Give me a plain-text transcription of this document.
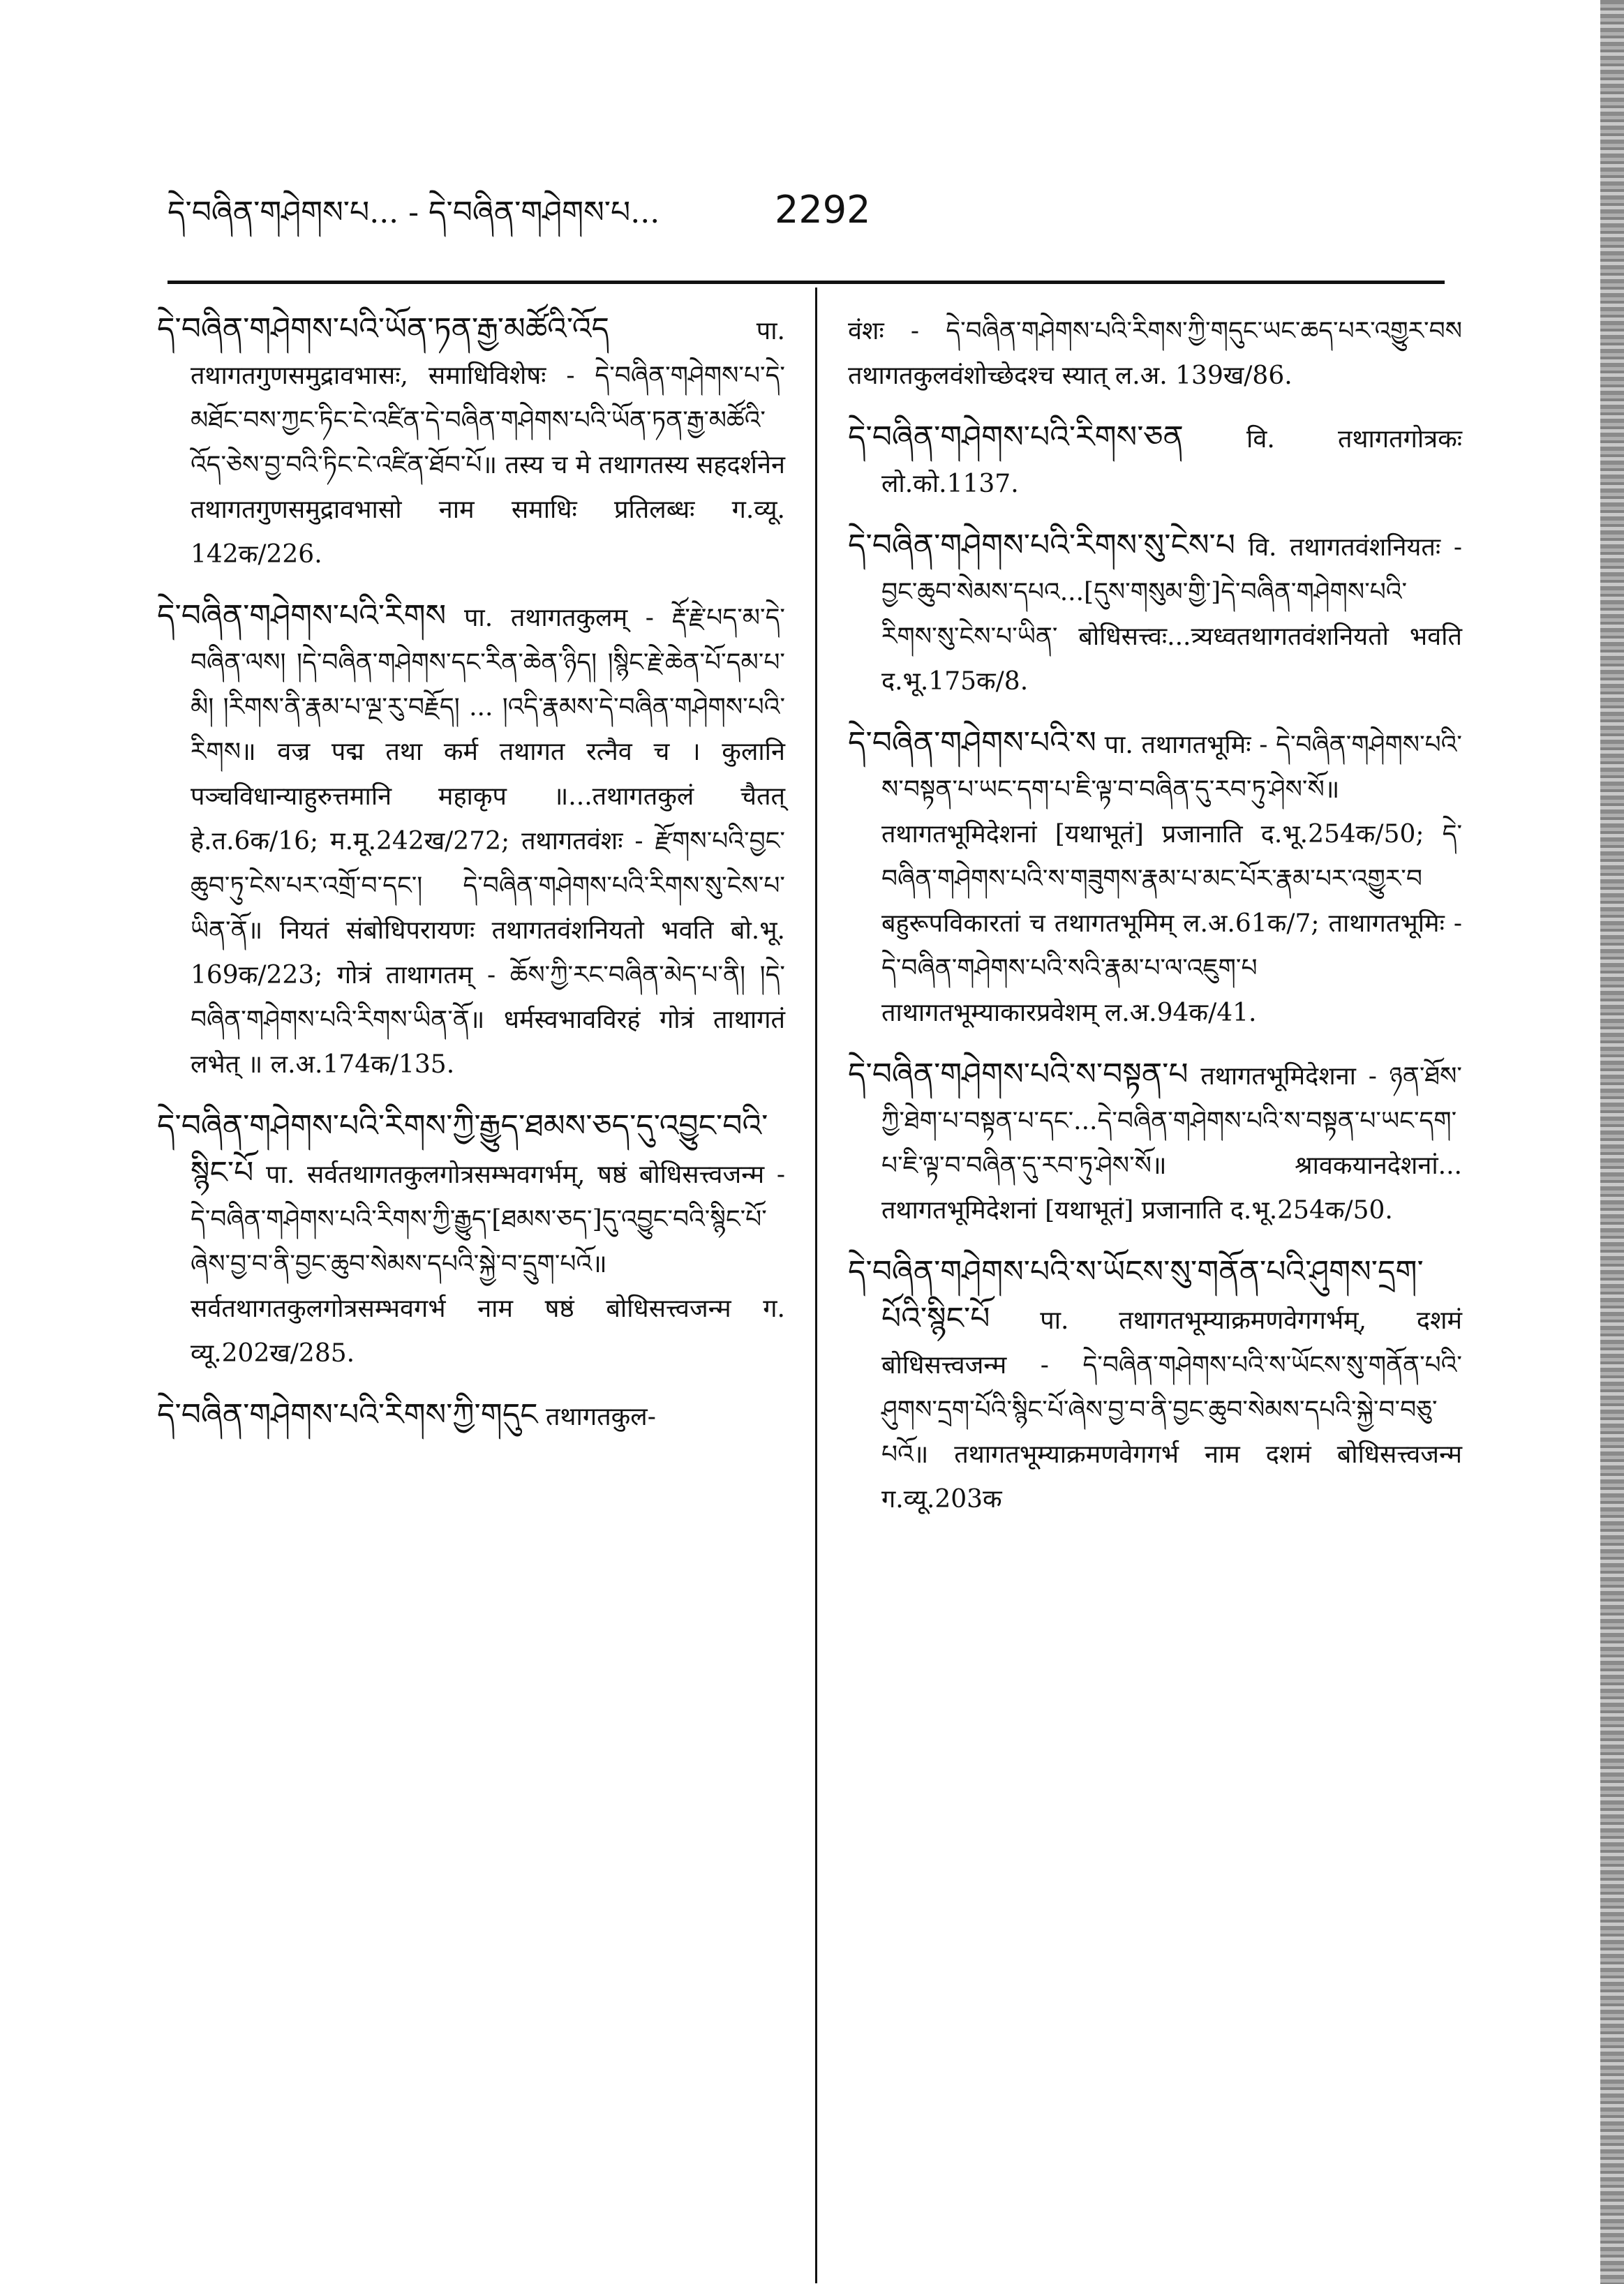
དེ་བཞིན་གཤེགས་པ... - དེ་བཞིན་གཤེགས་པ...	2292

དེ་བཞིན་གཤེགས་པའི་ཡོན་ཏན་རྒྱ་མཚོའི་འོད	पा. तथागतगुणसमुद्रावभासः, समाधिविशेषः - དེ་བཞིན་གཤེགས་པ་དེ་མཐོང་བས་ཀྱང་ཏིང་ངེ་འཛིན་དེ་བཞིན་གཤེགས་པའི་ཡོན་ཏན་རྒྱ་མཚོའི་འོད་ཅེས་བྱ་བའི་ཏིང་ངེ་འཛིན་ཐོབ་པོ॥ तस्य च मे तथागतस्य सहदर्शनेन तथागतगुणसमुद्रावभासो नाम समाधिः प्रतिलब्धः ग.व्यू. 142क/226.

དེ་བཞིན་གཤེགས་པའི་རིགས पा. तथागतकुलम् - རྡོ་རྗེ་པད་མ་དེ་བཞིན་ལས། །དེ་བཞིན་གཤེགས་དང་རིན་ཆེན་ཉིད། །སྙིང་རྗེ་ཆེན་པོ་དམ་པ་མི། །རིགས་ནི་རྣམ་པ་ལྔ་རུ་བརྗོད། ... །འདི་རྣམས་དེ་བཞིན་གཤེགས་པའི་རིགས॥ वज्र पद्म तथा कर्म तथागत रत्नैव च । कुलानि पञ्चविधान्याहुरुत्तमानि महाकृप ॥...तथागतकुलं चैतत् हे.त.6क/16; म.मू.242ख/272; तथागतवंशः - རྫོགས་པའི་བྱང་ཆུབ་ཏུ་ངེས་པར་འགྲོ་བ་དང་། དེ་བཞིན་གཤེགས་པའི་རིགས་སུ་ངེས་པ་ཡིན་ནོ॥ नियतं संबोधिपरायणः तथागतवंशनियतो भवति बो.भू. 169क/223; गोत्रं ताथागतम् - ཆོས་ཀྱི་རང་བཞིན་མེད་པ་ནི། །དེ་བཞིན་གཤེགས་པའི་རིགས་ཡིན་ནོ॥ धर्मस्वभावविरहं गोत्रं ताथागतं लभेत् ॥ ल.अ.174क/135.

དེ་བཞིན་གཤེགས་པའི་རིགས་ཀྱི་རྒྱུད་ཐམས་ཅད་དུ་འབྱུང་བའི་སྙིང་པོ पा. सर्वतथागतकुलगोत्रसम्भवगर्भम्, षष्ठं बोधिसत्त्वजन्म - དེ་བཞིན་གཤེགས་པའི་རིགས་ཀྱི་རྒྱུད་[ཐམས་ཅད་]དུ་འབྱུང་བའི་སྙིང་པོ་ཞེས་བྱ་བ་ནི་བྱང་ཆུབ་སེམས་དཔའི་སྐྱེ་བ་དྲུག་པའོ॥ सर्वतथागतकुलगोत्रसम्भवगर्भ नाम षष्ठं बोधिसत्त्वजन्म ग. व्यू.202ख/285.

དེ་བཞིན་གཤེགས་པའི་རིགས་ཀྱི་གདུང तथागतकुल-

वंशः - དེ་བཞིན་གཤེགས་པའི་རིགས་ཀྱི་གདུང་ཡང་ཆད་པར་འགྱུར་བས तथागतकुलवंशोच्छेदश्च स्यात् ल.अ. 139ख/86.

དེ་བཞིན་གཤེགས་པའི་རིགས་ཅན	वि. तथागतगोत्रकः लो.को.1137.

དེ་བཞིན་གཤེགས་པའི་རིགས་སུ་ངེས་པ वि. तथागतवंशनियतः - བྱང་ཆུབ་སེམས་དཔའ...[དུས་གསུམ་གྱི་]དེ་བཞིན་གཤེགས་པའི་རིགས་སུ་ངེས་པ་ཡིན་ बोधिसत्त्वः...त्र्यध्वतथागतवंशनियतो भवति द.भू.175क/8.

དེ་བཞིན་གཤེགས་པའི་ས पा. तथागतभूमिः - དེ་བཞིན་གཤེགས་པའི་ས་བསྟན་པ་ཡང་དག་པ་ཇི་ལྟ་བ་བཞིན་དུ་རབ་ཏུ་ཤེས་སོ॥ तथागतभूमिदेशनां [यथाभूतं] प्रजानाति द.भू.254क/50; དེ་བཞིན་གཤེགས་པའི་ས་གཟུགས་རྣམ་པ་མང་པོར་རྣམ་པར་འགྱུར་བ बहुरूपविकारतां च तथागतभूमिम् ल.अ.61क/7; ताथागतभूमिः - དེ་བཞིན་གཤེགས་པའི་སའི་རྣམ་པ་ལ་འཇུག་པ ताथागतभूम्याकारप्रवेशम् ल.अ.94क/41.

དེ་བཞིན་གཤེགས་པའི་ས་བསྟན་པ तथागतभूमिदेशना - ཉན་ཐོས་ཀྱི་ཐེག་པ་བསྟན་པ་དང་...དེ་བཞིན་གཤེགས་པའི་ས་བསྟན་པ་ཡང་དག་པ་ཇི་ལྟ་བ་བཞིན་དུ་རབ་ཏུ་ཤེས་སོ॥ श्रावकयानदेशनां... तथागतभूमिदेशनां [यथाभूतं] प्रजानाति द.भू.254क/50.

དེ་བཞིན་གཤེགས་པའི་ས་ཡོངས་སུ་གནོན་པའི་ཤུགས་དྲག་པོའི་སྙིང་པོ पा. तथागतभूम्याक्रमणवेगगर्भम्, दशमं बोधिसत्त्वजन्म - དེ་བཞིན་གཤེགས་པའི་ས་ཡོངས་སུ་གནོན་པའི་ཤུགས་དྲག་པོའི་སྙིང་པོ་ཞེས་བྱ་བ་ནི་བྱང་ཆུབ་སེམས་དཔའི་སྐྱེ་བ་བཅུ་པའོ॥ तथागतभूम्याक्रमणवेगगर्भ नाम दशमं बोधिसत्त्वजन्म ग.व्यू.203क
